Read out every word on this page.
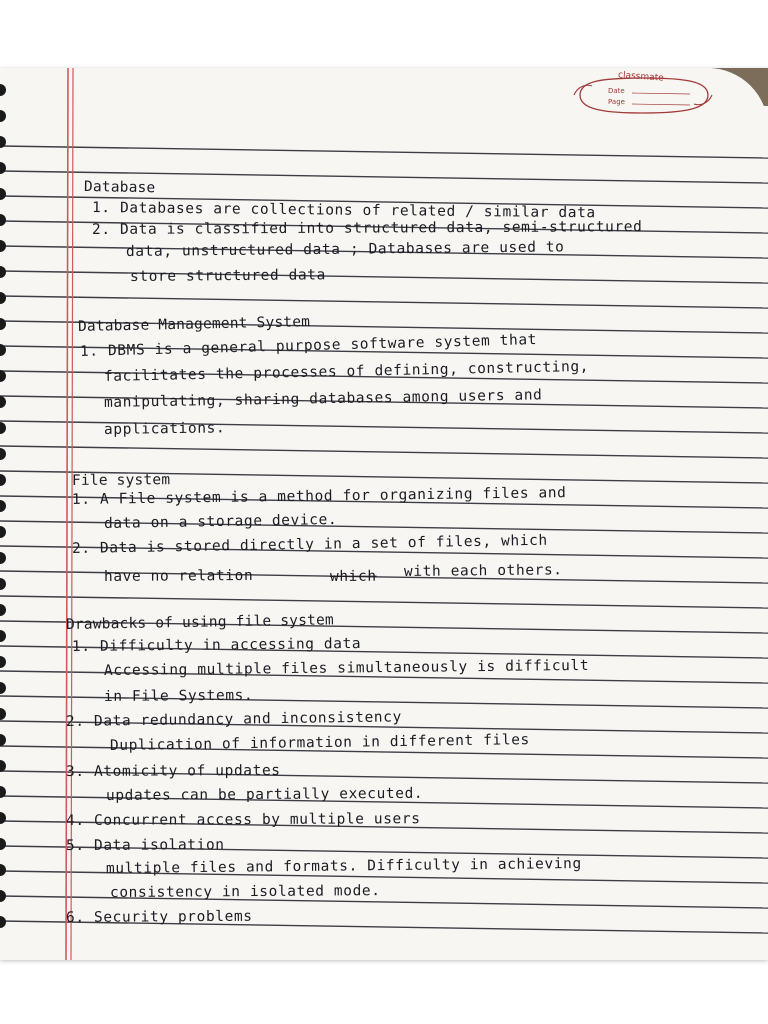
classmate
Date
Page
Database
1. Databases are collections of related / similar data
2. Data is classified into structured data, semi-structured
data, unstructured data ; Databases are used to
store structured data
Database Management System
1. DBMS is a general purpose software system that
facilitates the processes of defining, constructing,
manipulating, sharing databases among users and
applications.
File system
1. A File system is a method for organizing files and
data on a storage device.
2. Data is stored directly in a set of files, which
have no relation	which with each others.
Drawbacks of using file system
1. Difficulty in accessing data
Accessing multiple files simultaneously is difficult
in File Systems.
2. Data redundancy and inconsistency
Duplication of information in different files
3. Atomicity of updates
updates can be partially executed.
4. Concurrent access by multiple users
5. Data isolation
multiple files and formats. Difficulty in achieving
consistency in isolated mode.
6. Security problems
